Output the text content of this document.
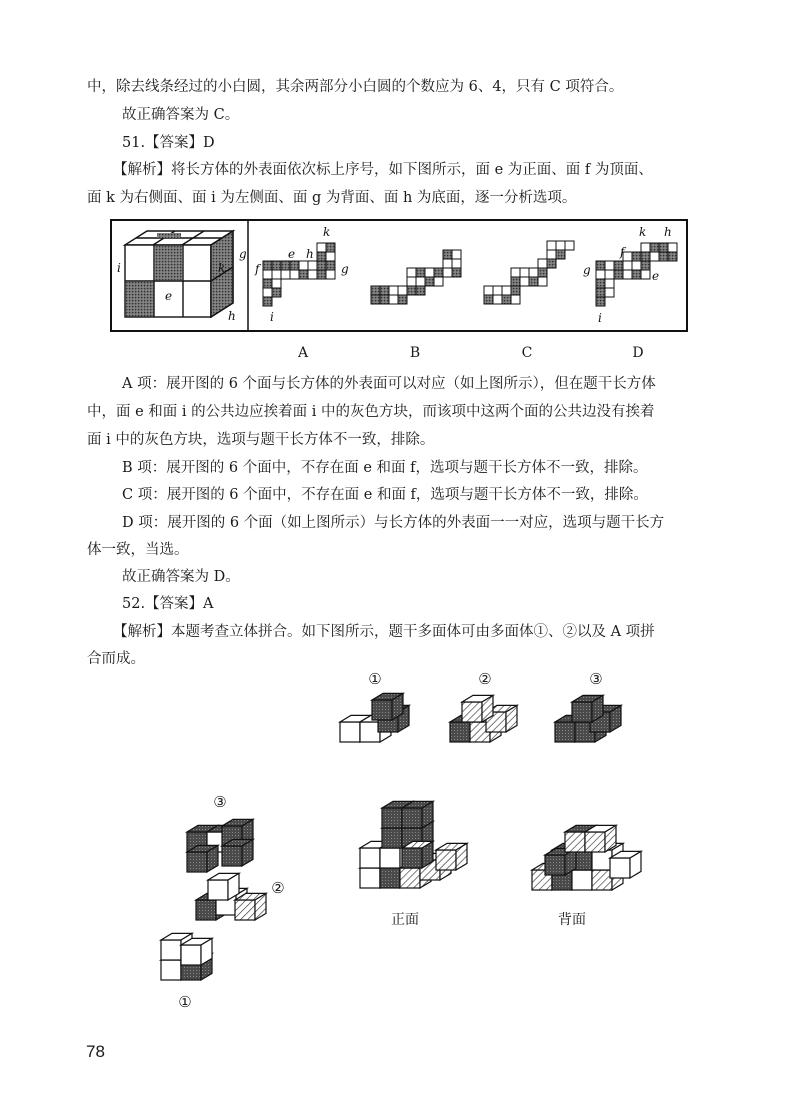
中，除去线条经过的小白圆，其余两部分小白圆的个数应为 6、4，只有 C 项符合。
故正确答案为 C。
51.【答案】D
【解析】将长方体的外表面依次标上序号，如下图所示，面 e 为正面、面 f 为顶面、
面 k 为右侧面、面 i 为左侧面、面 g 为背面、面 h 为底面，逐一分析选项。
i	k
g
e
h
k
e h
f	g
i
k h
f
g	e
i
A	B	C	D
A 项：展开图的 6 个面与长方体的外表面可以对应（如上图所示），但在题干长方体
中，面 e 和面 i 的公共边应挨着面 i 中的灰色方块，而该项中这两个面的公共边没有挨着
面 i 中的灰色方块，选项与题干长方体不一致，排除。
B 项：展开图的 6 个面中，不存在面 e 和面 f，选项与题干长方体不一致，排除。
C 项：展开图的 6 个面中，不存在面 e 和面 f，选项与题干长方体不一致，排除。
D 项：展开图的 6 个面（如上图所示）与长方体的外表面一一对应，选项与题干长方
体一致，当选。
故正确答案为 D。
52.【答案】A
【解析】本题考查立体拼合。如下图所示，题干多面体可由多面体①、②以及 A 项拼
合而成。
①	②	③
③
②
①
正面	背面
78
